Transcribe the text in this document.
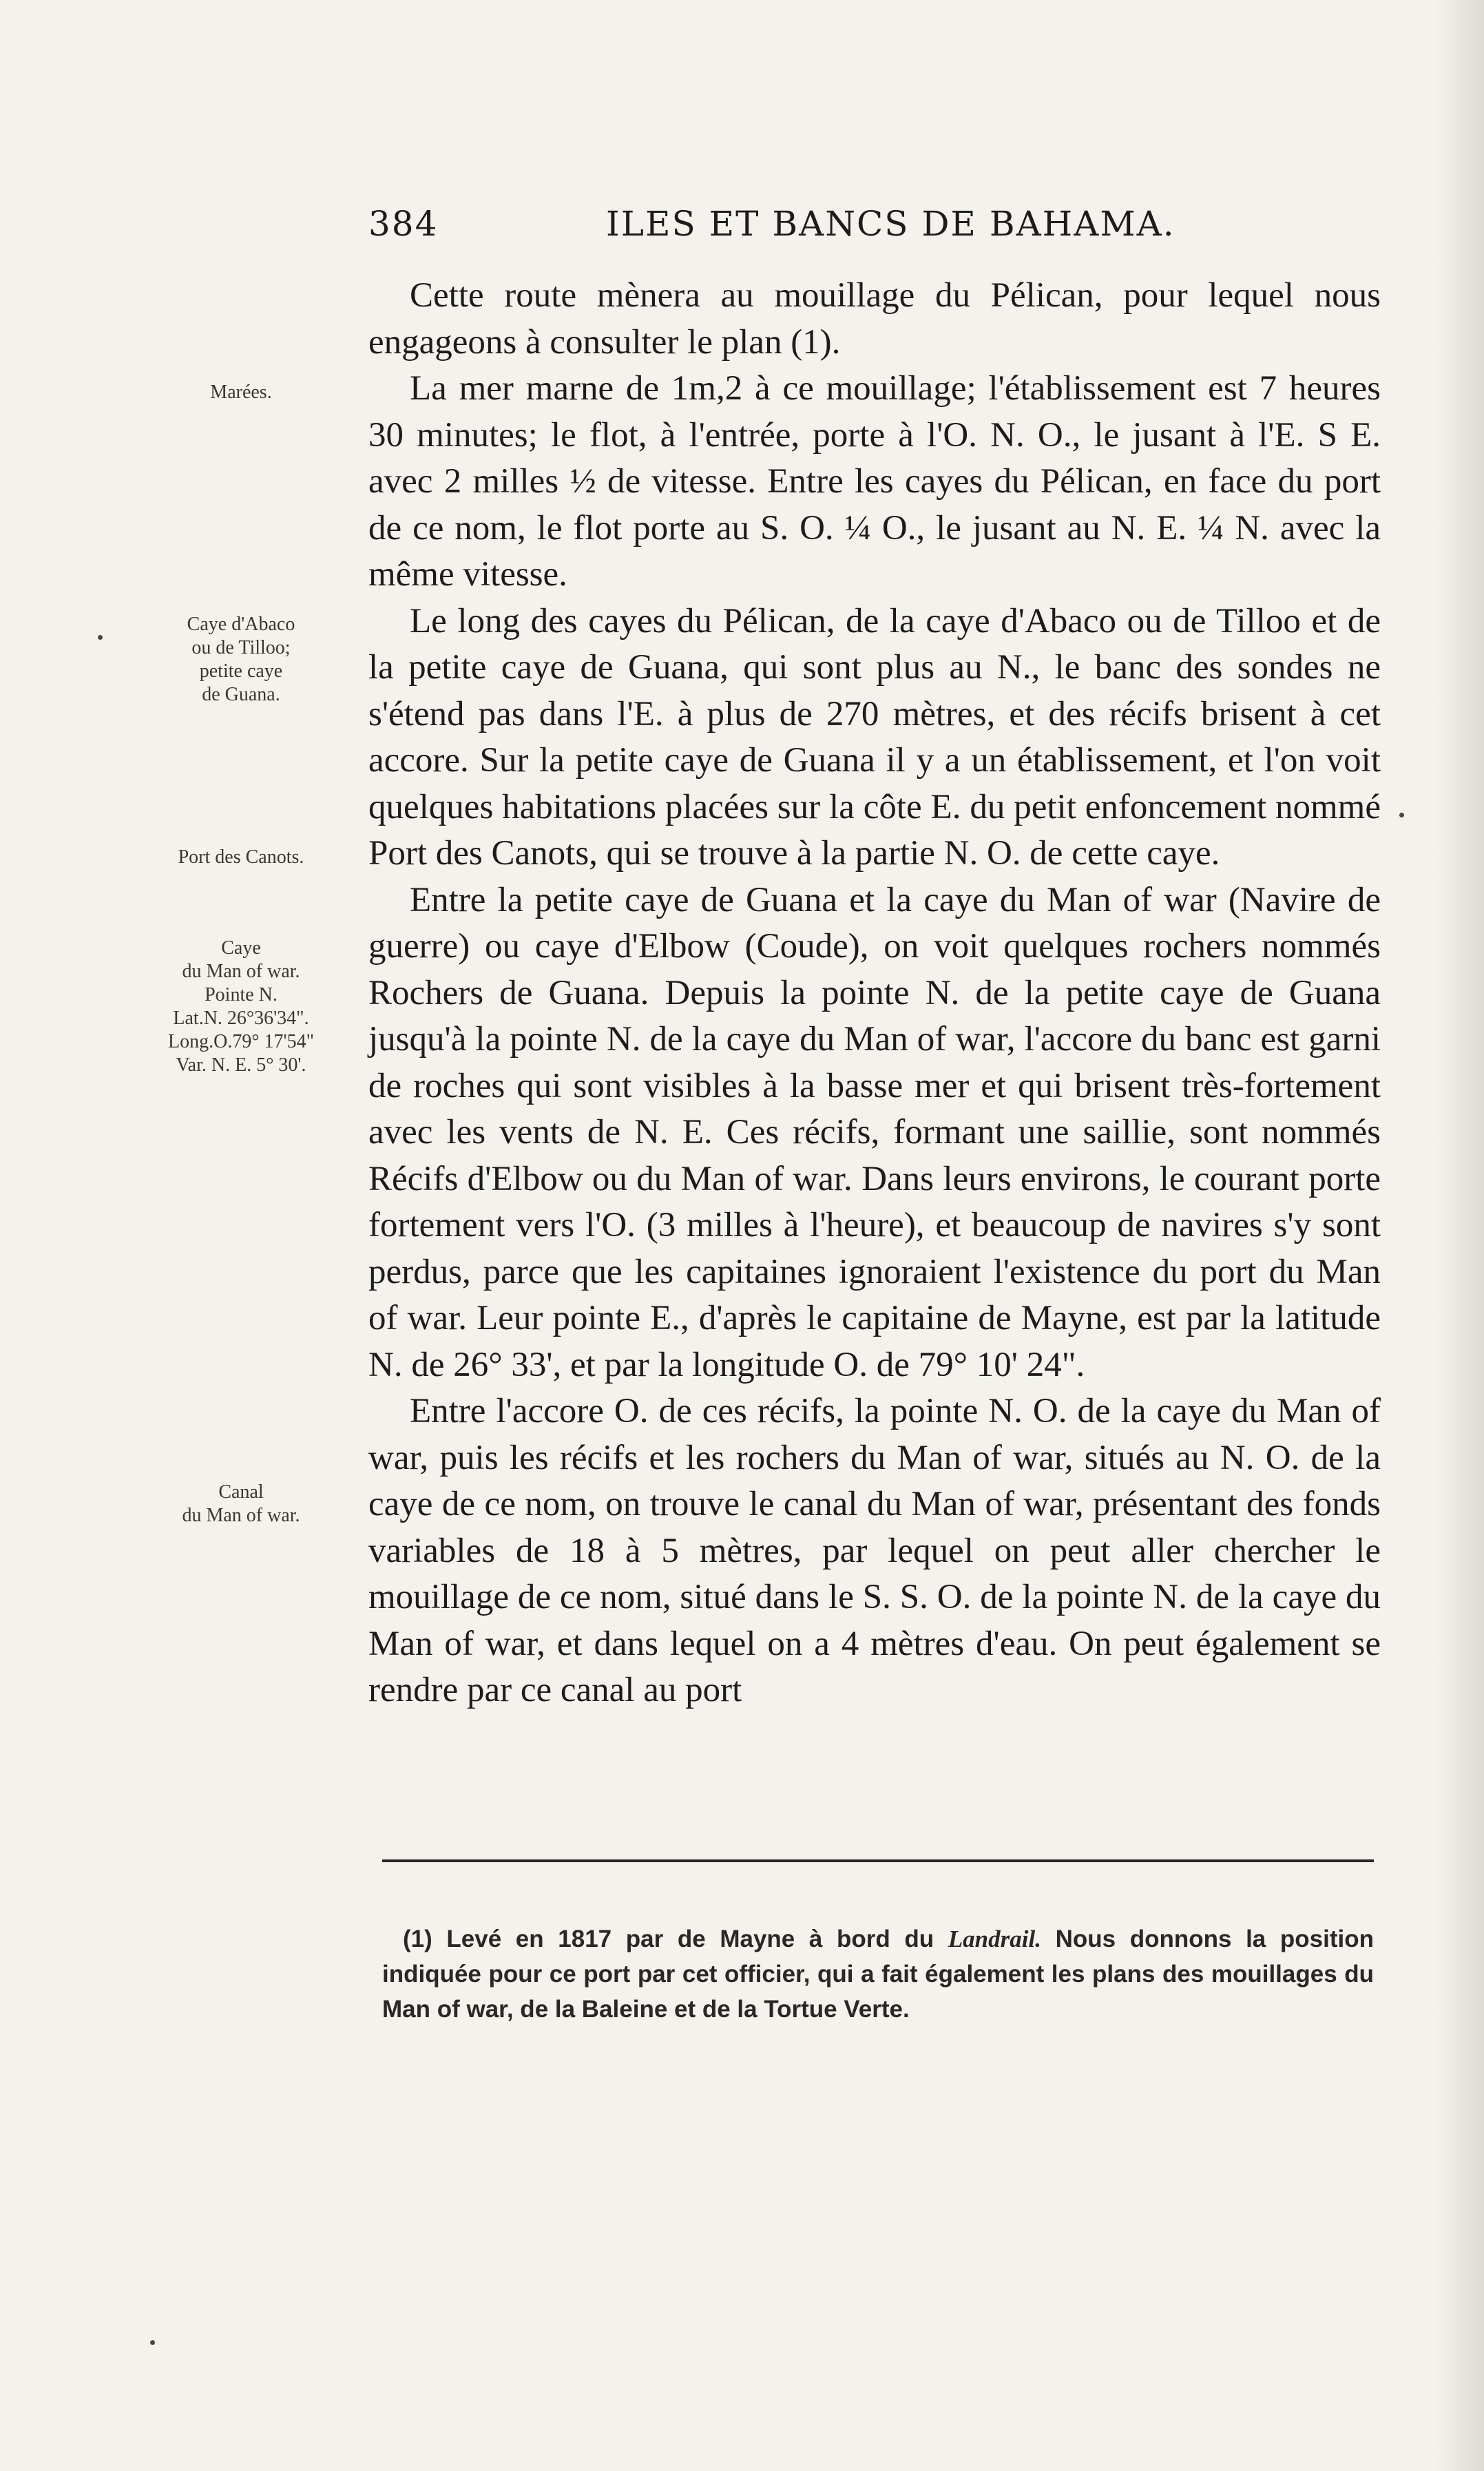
384	ILES ET BANCS DE BAHAMA.
Marées.
Caye d'Abaco
ou de Tilloo;
petite caye
de Guana.
Port des Canots.
Caye
du Man of war.
Pointe N.
Lat.N. 26°36'34".
Long.O.79° 17'54"
Var. N. E. 5° 30'.
Canal
du Man of war.

Cette route mènera au mouillage du Pélican, pour lequel nous engageons à consulter le plan (1).

La mer marne de 1m,2 à ce mouillage; l'établissement est 7 heures 30 minutes; le flot, à l'entrée, porte à l'O. N. O., le jusant à l'E. S E. avec 2 milles ½ de vitesse. Entre les cayes du Pélican, en face du port de ce nom, le flot porte au S. O. ¼ O., le jusant au N. E. ¼ N. avec la même vitesse.

Le long des cayes du Pélican, de la caye d'Abaco ou de Tilloo et de la petite caye de Guana, qui sont plus au N., le banc des sondes ne s'étend pas dans l'E. à plus de 270 mètres, et des récifs brisent à cet accore. Sur la petite caye de Guana il y a un établissement, et l'on voit quelques habitations placées sur la côte E. du petit enfoncement nommé Port des Canots, qui se trouve à la partie N. O. de cette caye.

Entre la petite caye de Guana et la caye du Man of war (Navire de guerre) ou caye d'Elbow (Coude), on voit quelques rochers nommés Rochers de Guana. Depuis la pointe N. de la petite caye de Guana jusqu'à la pointe N. de la caye du Man of war, l'accore du banc est garni de roches qui sont visibles à la basse mer et qui brisent très-fortement avec les vents de N. E. Ces récifs, formant une saillie, sont nommés Récifs d'Elbow ou du Man of war. Dans leurs environs, le courant porte fortement vers l'O. (3 milles à l'heure), et beaucoup de navires s'y sont perdus, parce que les capitaines ignoraient l'existence du port du Man of war. Leur pointe E., d'après le capitaine de Mayne, est par la latitude N. de 26° 33', et par la longitude O. de 79° 10' 24".

Entre l'accore O. de ces récifs, la pointe N. O. de la caye du Man of war, puis les récifs et les rochers du Man of war, situés au N. O. de la caye de ce nom, on trouve le canal du Man of war, présentant des fonds variables de 18 à 5 mètres, par lequel on peut aller chercher le mouillage de ce nom, situé dans le S. S. O. de la pointe N. de la caye du Man of war, et dans lequel on a 4 mètres d'eau. On peut également se rendre par ce canal au port

(1) Levé en 1817 par de Mayne à bord du Landrail. Nous donnons la position indiquée pour ce port par cet officier, qui a fait également les plans des mouillages du Man of war, de la Baleine et de la Tortue Verte.
